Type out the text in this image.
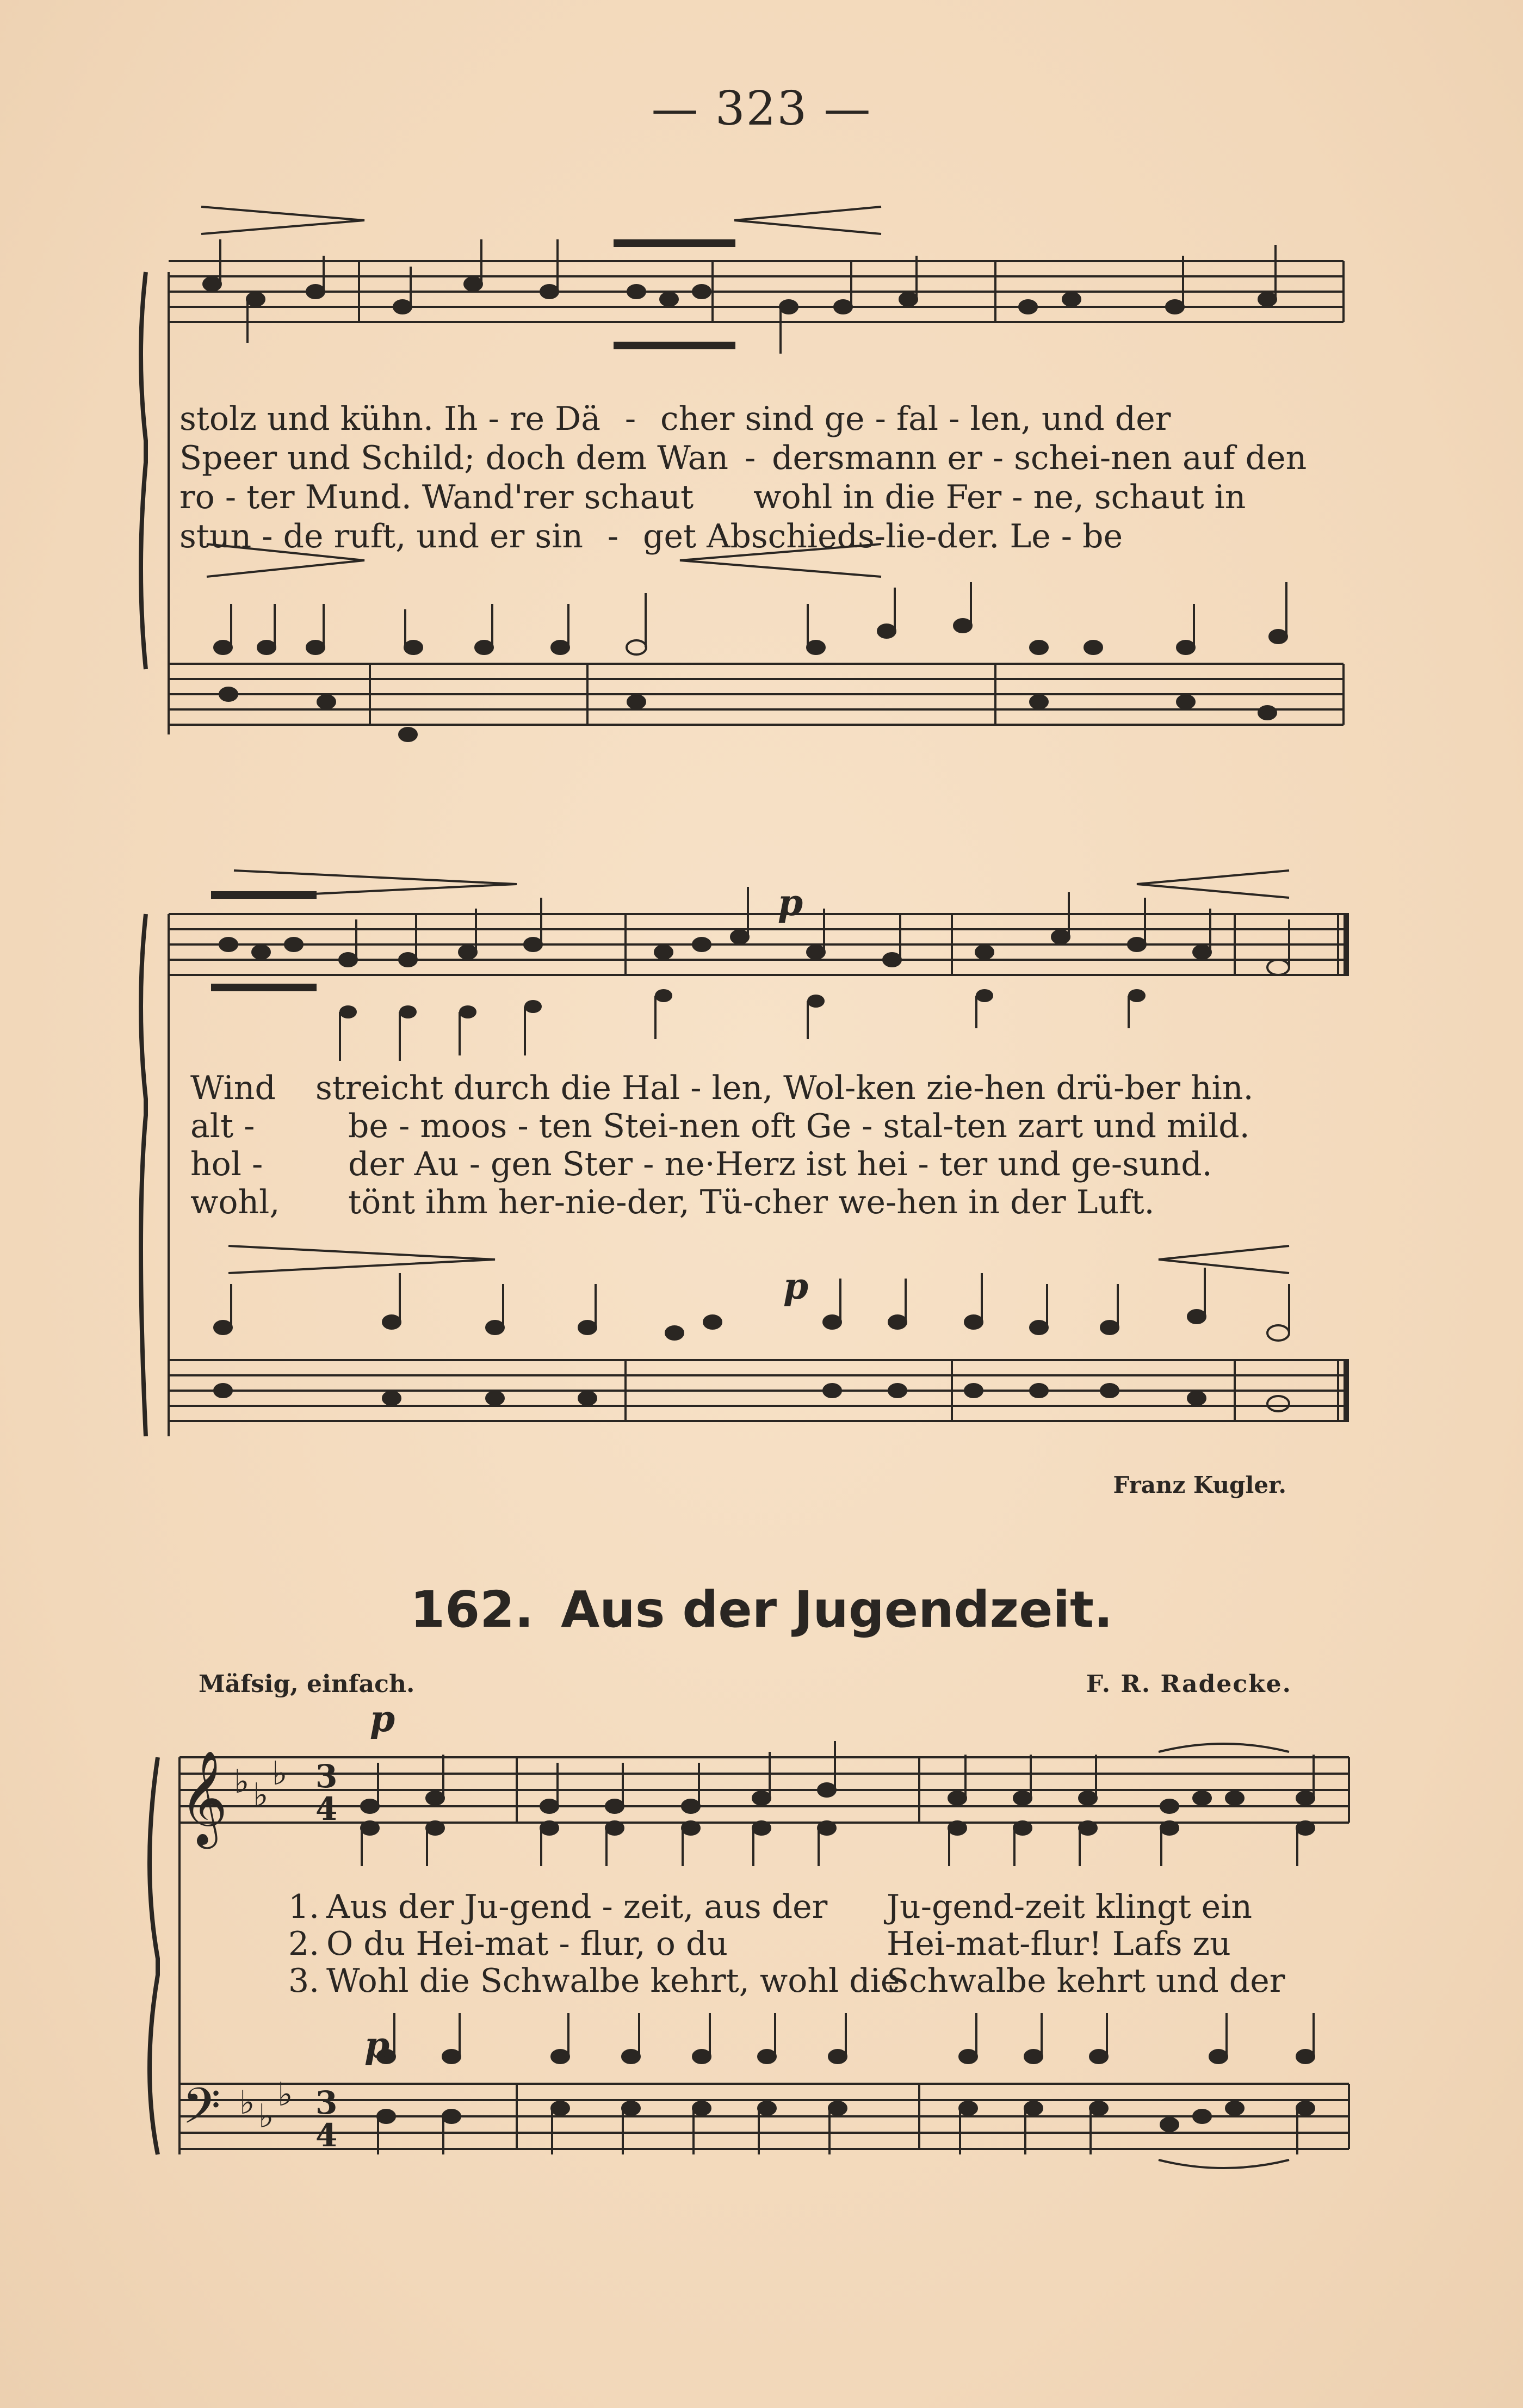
— 323 —
stolz und kühn. Ih - re Dä - cher sind ge - fal - len, und der
Speer und Schild; doch dem Wan - dersmann er - schei-nen auf den
ro - ter Mund. Wand'rer schaut wohl in die Fer - ne, schaut in
stun - de ruft, und er sin - get Abschieds-lie-der. Le - be
p
p
Wind streicht durch die Hal - len, Wol-ken zie-hen drü-ber hin.
alt -	be - moos - ten Stei-nen oft Ge - stal-ten zart und mild.
hol -	der Au - gen Ster - ne·Herz ist hei - ter und ge-sund.
wohl, tönt ihm her-nie-der, Tü-cher we-hen in der Luft.
Franz Kugler.
162. Aus der Jugendzeit.
Mäfsig, einfach.	F. R. Radecke.
𝄞 ♭ ♭
♭ 3
4
𝄢 ♭ ♭
♭ 3
4
p
p
1. Aus der Ju-gend - zeit, aus der Ju-gend-zeit klingt ein
2. O du Hei-mat - flur, o du	Hei-mat-flur! Lafs zu
3. Wohl die Schwalbe kehrt, wohl dieSchwalbe kehrt und der
